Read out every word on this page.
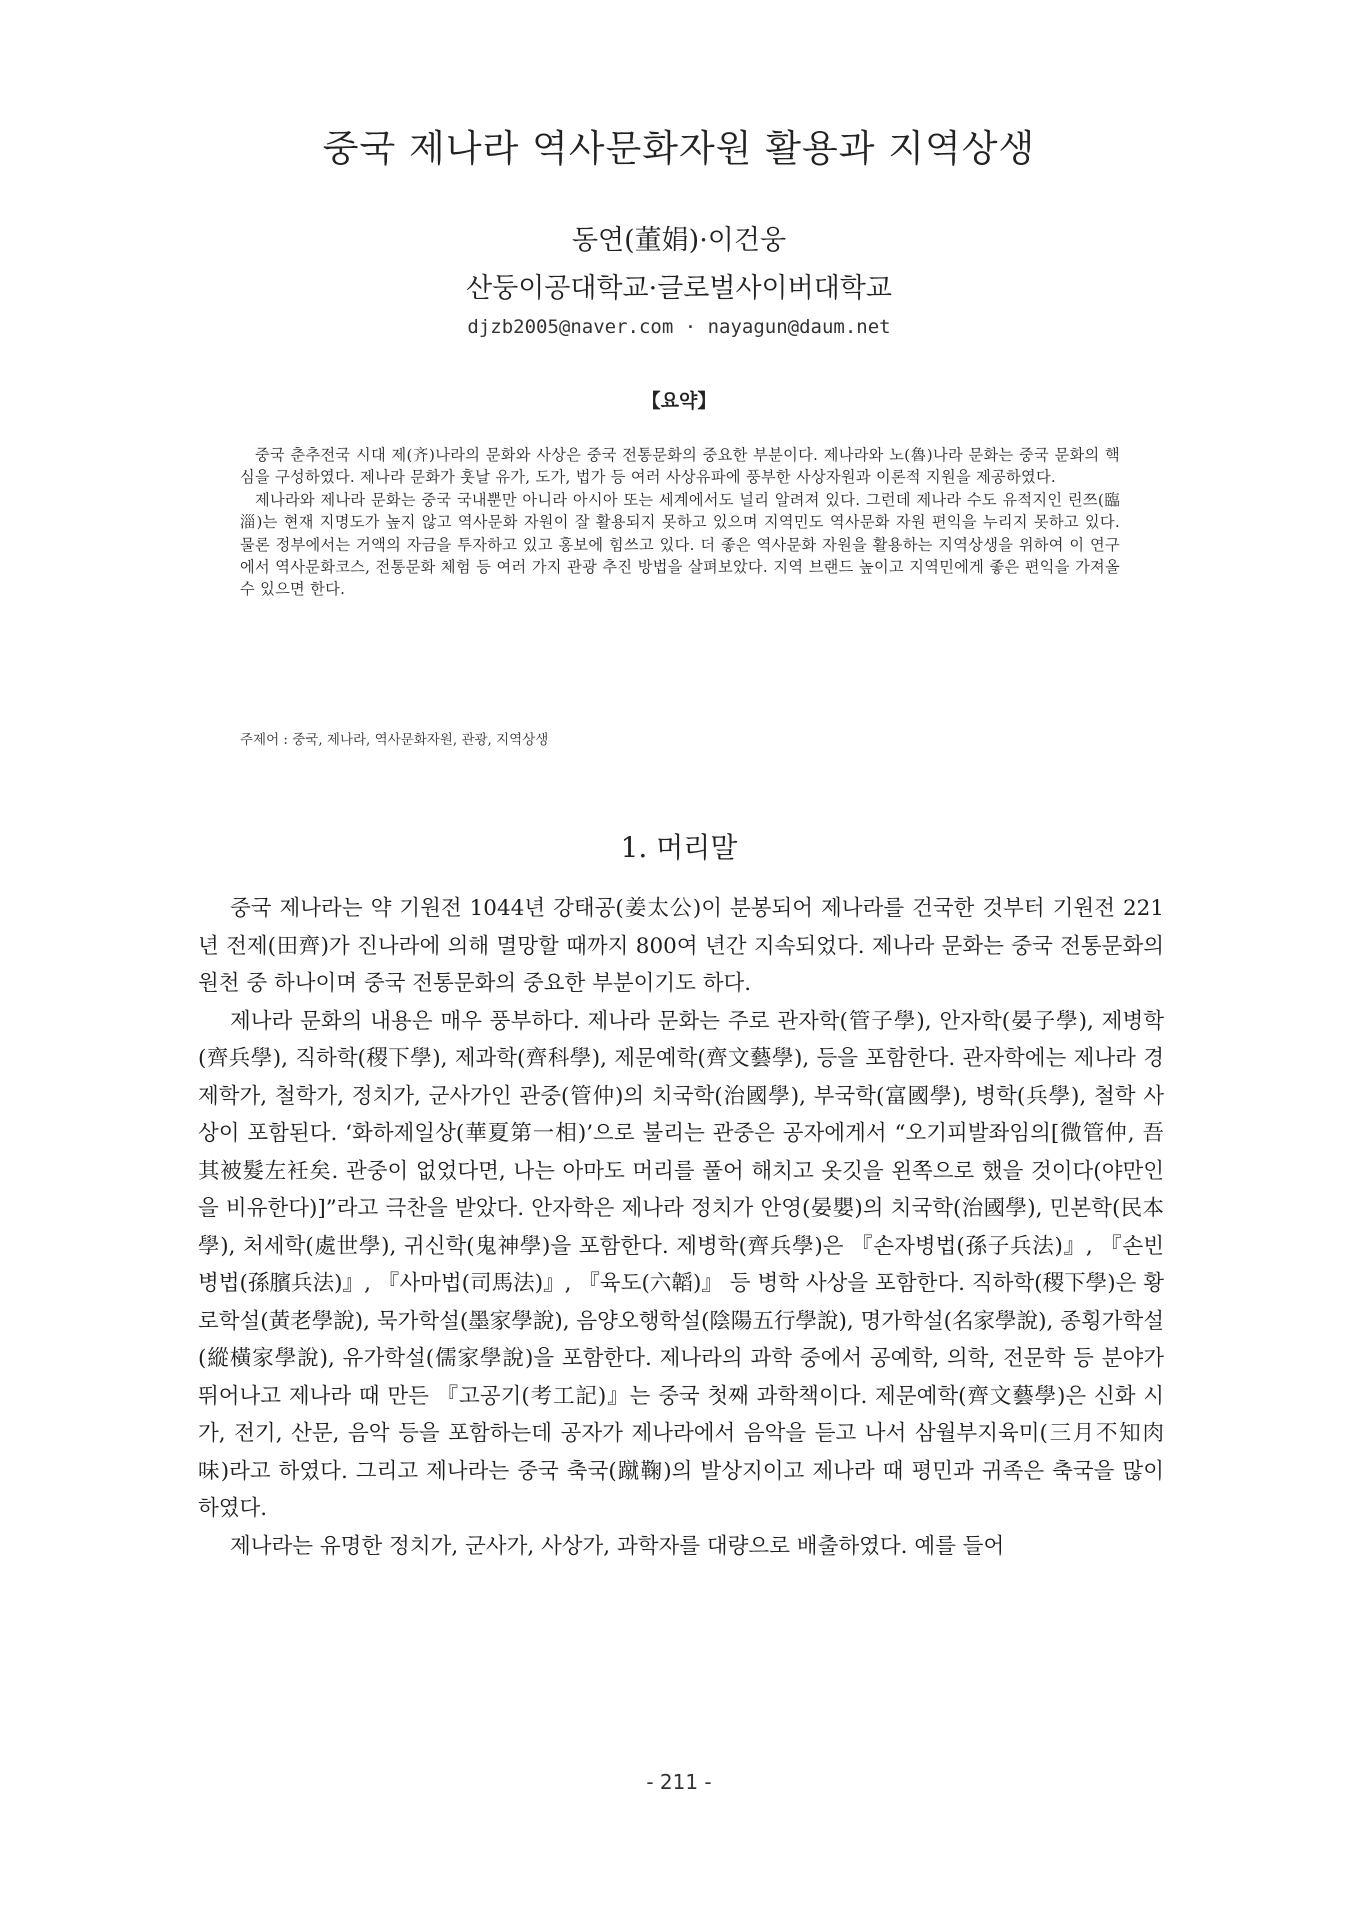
중국 제나라 역사문화자원 활용과 지역상생
동연(董娟)·이건웅
산둥이공대학교·글로벌사이버대학교
djzb2005@naver.com · nayagun@daum.net
【요약】

중국 춘추전국 시대 제(齐)나라의 문화와 사상은 중국 전통문화의 중요한 부분이다. 제나라와 노(魯)나라 문화는 중국 문화의 핵심을 구성하였다. 제나라 문화가 훗날 유가, 도가, 법가 등 여러 사상유파에 풍부한 사상자원과 이론적 지원을 제공하였다.

제나라와 제나라 문화는 중국 국내뿐만 아니라 아시아 또는 세계에서도 널리 알려져 있다. 그런데 제나라 수도 유적지인 린쯔(臨淄)는 현재 지명도가 높지 않고 역사문화 자원이 잘 활용되지 못하고 있으며 지역민도 역사문화 자원 편익을 누리지 못하고 있다. 물론 정부에서는 거액의 자금을 투자하고 있고 홍보에 힘쓰고 있다. 더 좋은 역사문화 자원을 활용하는 지역상생을 위하여 이 연구에서 역사문화코스, 전통문화 체험 등 여러 가지 관광 추진 방법을 살펴보았다. 지역 브랜드 높이고 지역민에게 좋은 편익을 가져올 수 있으면 한다.

주제어 : 중국, 제나라, 역사문화자원, 관광, 지역상생
1. 머리말

중국 제나라는 약 기원전 1044년 강태공(姜太公)이 분봉되어 제나라를 건국한 것부터 기원전 221년 전제(田齊)가 진나라에 의해 멸망할 때까지 800여 년간 지속되었다. 제나라 문화는 중국 전통문화의 원천 중 하나이며 중국 전통문화의 중요한 부분이기도 하다.

제나라 문화의 내용은 매우 풍부하다. 제나라 문화는 주로 관자학(管子學), 안자학(晏子學), 제병학(齊兵學), 직하학(稷下學), 제과학(齊科學), 제문예학(齊文藝學), 등을 포함한다. 관자학에는 제나라 경제학가, 철학가, 정치가, 군사가인 관중(管仲)의 치국학(治國學), 부국학(富國學), 병학(兵學), 철학 사상이 포함된다. ‘화하제일상(華夏第一相)’으로 불리는 관중은 공자에게서 “오기피발좌임의[微管仲, 吾其被髮左衽矣. 관중이 없었다면, 나는 아마도 머리를 풀어 해치고 옷깃을 왼쪽으로 했을 것이다(야만인을 비유한다)]”라고 극찬을 받았다. 안자학은 제나라 정치가 안영(晏嬰)의 치국학(治國學), 민본학(民本學), 처세학(處世學), 귀신학(鬼神學)을 포함한다. 제병학(齊兵學)은 『손자병법(孫子兵法)』, 『손빈병법(孫臏兵法)』, 『사마법(司馬法)』, 『육도(六韜)』 등 병학 사상을 포함한다. 직하학(稷下學)은 황로학설(黃老學說), 묵가학설(墨家學說), 음양오행학설(陰陽五行學說), 명가학설(名家學說), 종횡가학설(縱橫家學說), 유가학설(儒家學說)을 포함한다. 제나라의 과학 중에서 공예학, 의학, 전문학 등 분야가 뛰어나고 제나라 때 만든 『고공기(考工記)』는 중국 첫째 과학책이다. 제문예학(齊文藝學)은 신화 시가, 전기, 산문, 음악 등을 포함하는데 공자가 제나라에서 음악을 듣고 나서 삼월부지육미(三月不知肉味)라고 하였다. 그리고 제나라는 중국 축국(蹴鞠)의 발상지이고 제나라 때 평민과 귀족은 축국을 많이 하였다.

제나라는 유명한 정치가, 군사가, 사상가, 과학자를 대량으로 배출하였다. 예를 들어

- 211 -
